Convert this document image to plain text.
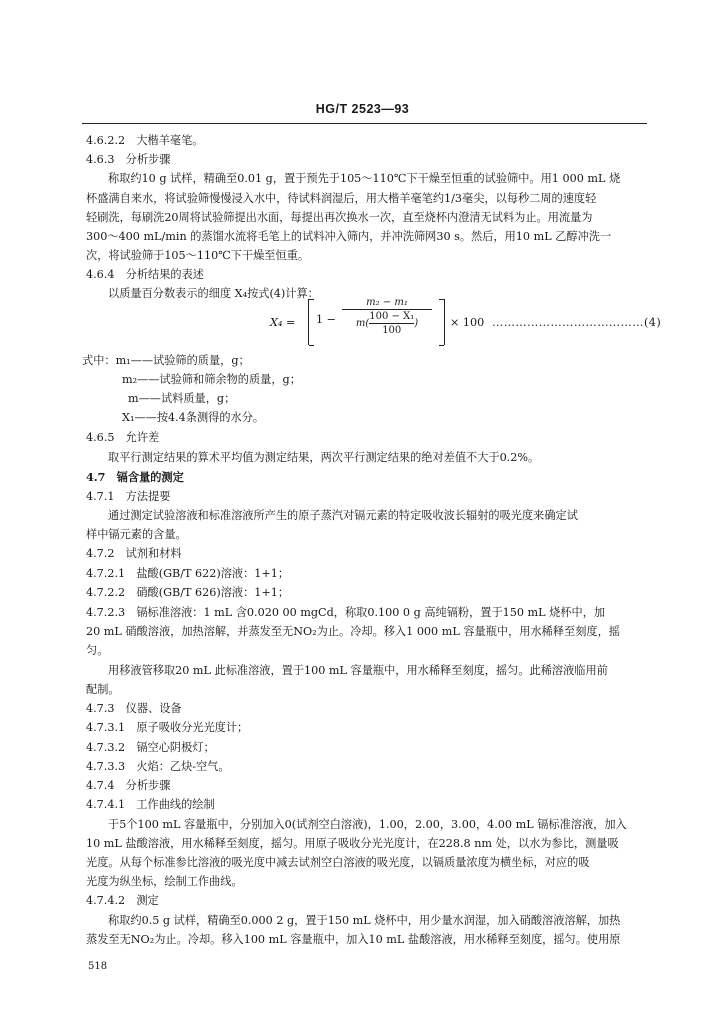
HG/T 2523—93
4.6.2.2　大楷羊毫笔。
4.6.3　分析步骤
称取约10 g 试样，精确至0.01 g，置于预先于105～110℃下干燥至恒重的试验筛中。用1 000 mL 烧
杯盛满自来水，将试验筛慢慢浸入水中，待试料润湿后，用大楷羊毫笔约1/3毫尖，以每秒二周的速度轻
轻刷洗，每刷洗20周将试验筛提出水面，每提出再次换水一次，直至烧杯内澄清无试料为止。用流量为
300～400 mL/min 的蒸馏水流将毛笔上的试料冲入筛内，并冲洗筛网30 s。然后，用10 mL 乙醇冲洗一
次，将试验筛于105～110℃下干燥至恒重。
4.6.4　分析结果的表述
以质量百分数表示的细度 X₄按式(4)计算：
$X_4 = 1 - \frac{\text{m₂ − m₁}}{m( \frac{\text{100 − X₁}}{100})} \times 100$ …………………………………(4)
式中：m₁——试验筛的质量，g；
m₂——试验筛和筛余物的质量，g；
m——试料质量，g；
X₁——按4.4条测得的水分。
4.6.5　允许差
取平行测定结果的算术平均值为测定结果，两次平行测定结果的绝对差值不大于0.2%。
4.7　镉含量的测定
4.7.1　方法提要
通过测定试验溶液和标准溶液所产生的原子蒸汽对镉元素的特定吸收波长辐射的吸光度来确定试
样中镉元素的含量。
4.7.2　试剂和材料
4.7.2.1　盐酸(GB/T 622)溶液：1+1；
4.7.2.2　硝酸(GB/T 626)溶液：1+1；
4.7.2.3　镉标准溶液：1 mL 含0.020 00 mgCd，称取0.100 0 g 高纯镉粉，置于150 mL 烧杯中，加
20 mL 硝酸溶液，加热溶解，并蒸发至无NO₂为止。冷却。移入1 000 mL 容量瓶中，用水稀释至刻度，摇
匀。
用移液管移取20 mL 此标准溶液，置于100 mL 容量瓶中，用水稀释至刻度，摇匀。此稀溶液临用前
配制。
4.7.3　仪器、设备
4.7.3.1　原子吸收分光光度计；
4.7.3.2　镉空心阴极灯；
4.7.3.3　火焰：乙炔-空气。
4.7.4　分析步骤
4.7.4.1　工作曲线的绘制
于5个100 mL 容量瓶中，分别加入0(试剂空白溶液)，1.00，2.00，3.00，4.00 mL 镉标准溶液，加入
10 mL 盐酸溶液，用水稀释至刻度，摇匀。用原子吸收分光光度计，在228.8 nm 处，以水为参比，测量吸
光度。从每个标准参比溶液的吸光度中减去试剂空白溶液的吸光度，以镉质量浓度为横坐标，对应的吸
光度为纵坐标，绘制工作曲线。
4.7.4.2　测定
称取约0.5 g 试样，精确至0.000 2 g，置于150 mL 烧杯中，用少量水润湿，加入硝酸溶液溶解，加热
蒸发至无NO₂为止。冷却。移入100 mL 容量瓶中，加入10 mL 盐酸溶液，用水稀释至刻度，摇匀。使用原
518
